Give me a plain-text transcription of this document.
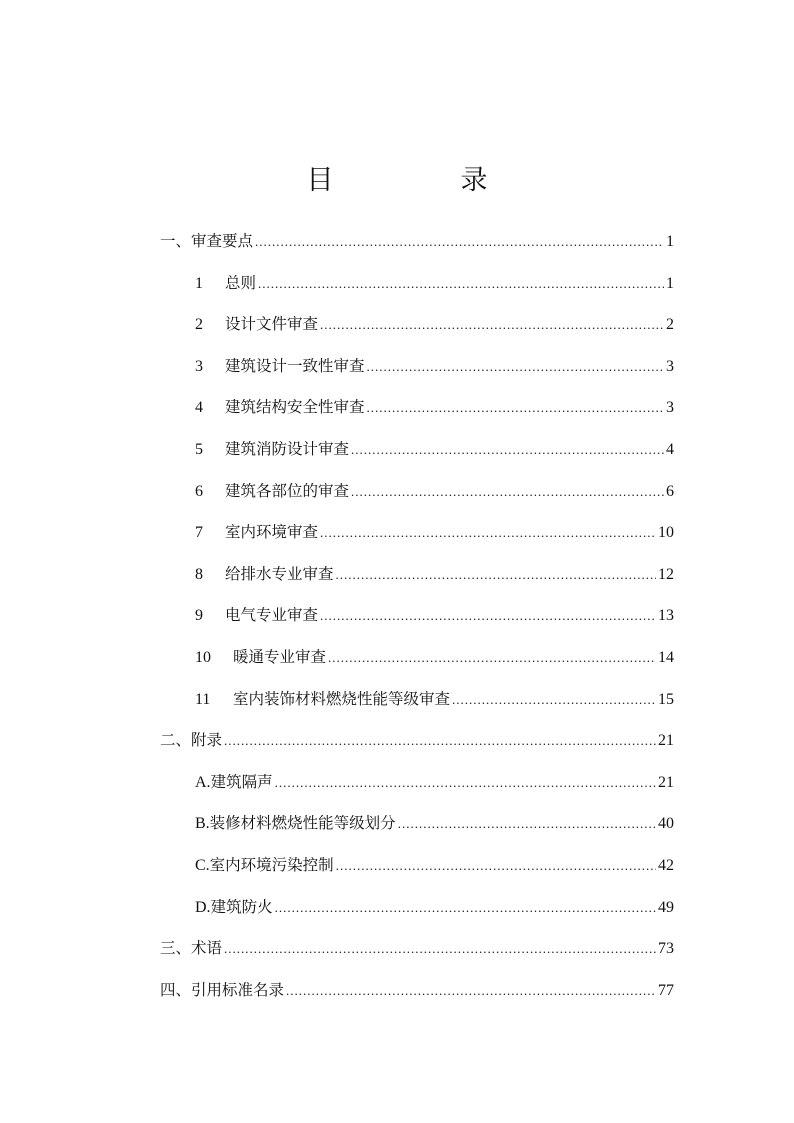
目　录
一、 审查要点 .....	1
1	总则 .....	1
2	设计文件审查 .....	2
3	建筑设计一致性审查 .....	3
4	建筑结构安全性审查 .....	3
5	建筑消防设计审查 .....	4
6	建筑各部位的审查 .....	6
7	室内环境审查 .....	10
8	给排水专业审查 .....	12
9	电气专业审查 .....	13
10	暖通专业审查 .....	14
11	室内装饰材料燃烧性能等级审查 .....	15
二、 附录 .....	21
A. 建筑隔声 .....	21
B. 装修材料燃烧性能等级划分 .....	40
C. 室内环境污染控制 .....	42
D. 建筑防火 .....	49
三、 术语 .....	73
四、 引用标准名录 .....	77
